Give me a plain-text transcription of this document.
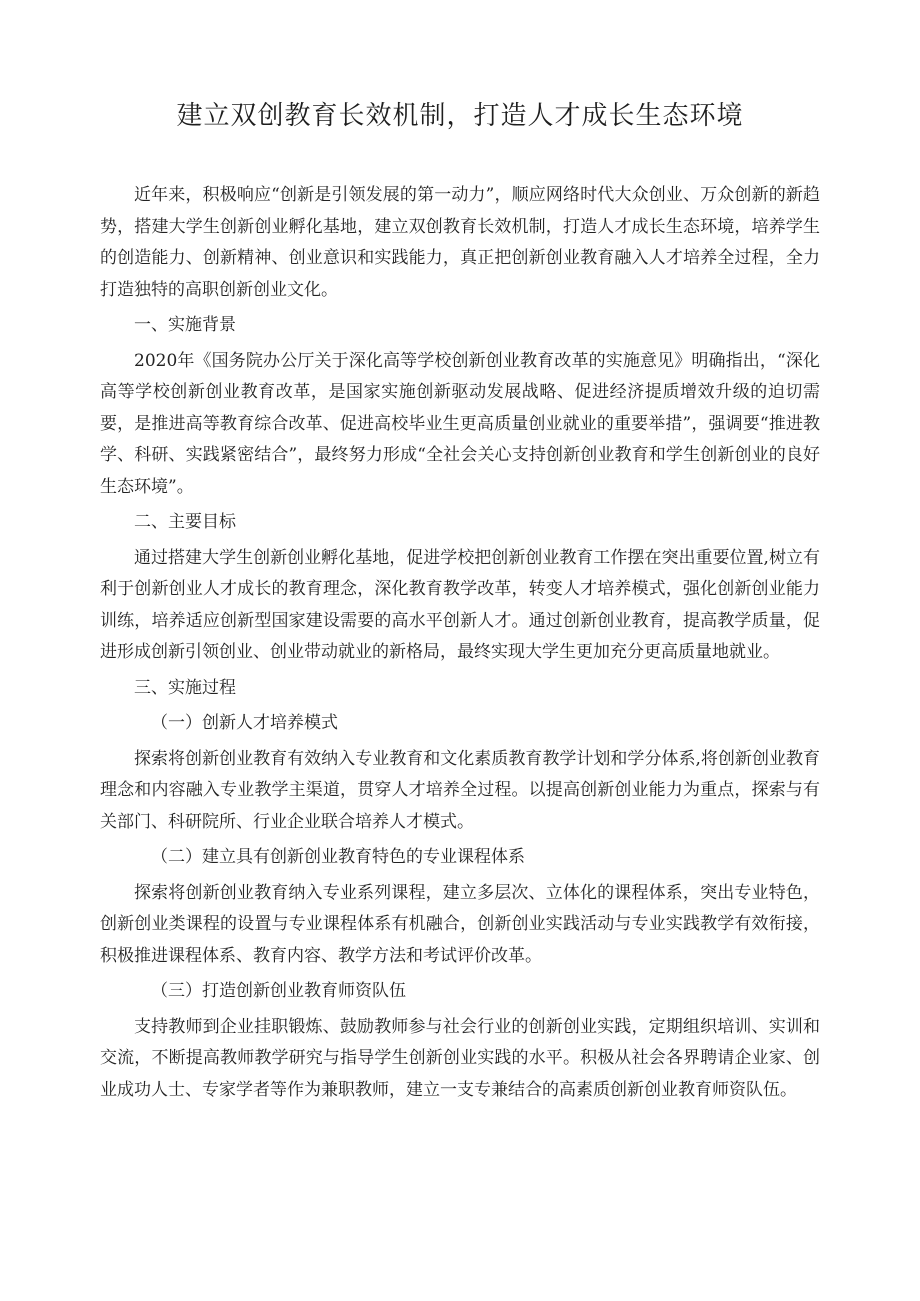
建立双创教育长效机制，打造人才成长生态环境

近年来，积极响应“创新是引领发展的第一动力”，顺应网络时代大众创业、万众创新的新趋势，搭建大学生创新创业孵化基地，建立双创教育长效机制，打造人才成长生态环境，培养学生的创造能力、创新精神、创业意识和实践能力，真正把创新创业教育融入人才培养全过程，全力打造独特的高职创新创业文化。

一、实施背景

2020年《国务院办公厅关于深化高等学校创新创业教育改革的实施意见》明确指出，“深化高等学校创新创业教育改革，是国家实施创新驱动发展战略、促进经济提质增效升级的迫切需要，是推进高等教育综合改革、促进高校毕业生更高质量创业就业的重要举措”，强调要“推进教学、科研、实践紧密结合”，最终努力形成“全社会关心支持创新创业教育和学生创新创业的良好生态环境”。

二、主要目标

通过搭建大学生创新创业孵化基地，促进学校把创新创业教育工作摆在突出重要位置,树立有利于创新创业人才成长的教育理念，深化教育教学改革，转变人才培养模式，强化创新创业能力训练，培养适应创新型国家建设需要的高水平创新人才。通过创新创业教育，提高教学质量，促进形成创新引领创业、创业带动就业的新格局，最终实现大学生更加充分更高质量地就业。

三、实施过程

（一）创新人才培养模式

探索将创新创业教育有效纳入专业教育和文化素质教育教学计划和学分体系,将创新创业教育理念和内容融入专业教学主渠道，贯穿人才培养全过程。以提高创新创业能力为重点，探索与有关部门、科研院所、行业企业联合培养人才模式。

（二）建立具有创新创业教育特色的专业课程体系

探索将创新创业教育纳入专业系列课程，建立多层次、立体化的课程体系，突出专业特色，创新创业类课程的设置与专业课程体系有机融合，创新创业实践活动与专业实践教学有效衔接，积极推进课程体系、教育内容、教学方法和考试评价改革。

（三）打造创新创业教育师资队伍

支持教师到企业挂职锻炼、鼓励教师参与社会行业的创新创业实践，定期组织培训、实训和交流，不断提高教师教学研究与指导学生创新创业实践的水平。积极从社会各界聘请企业家、创业成功人士、专家学者等作为兼职教师，建立一支专兼结合的高素质创新创业教育师资队伍。
